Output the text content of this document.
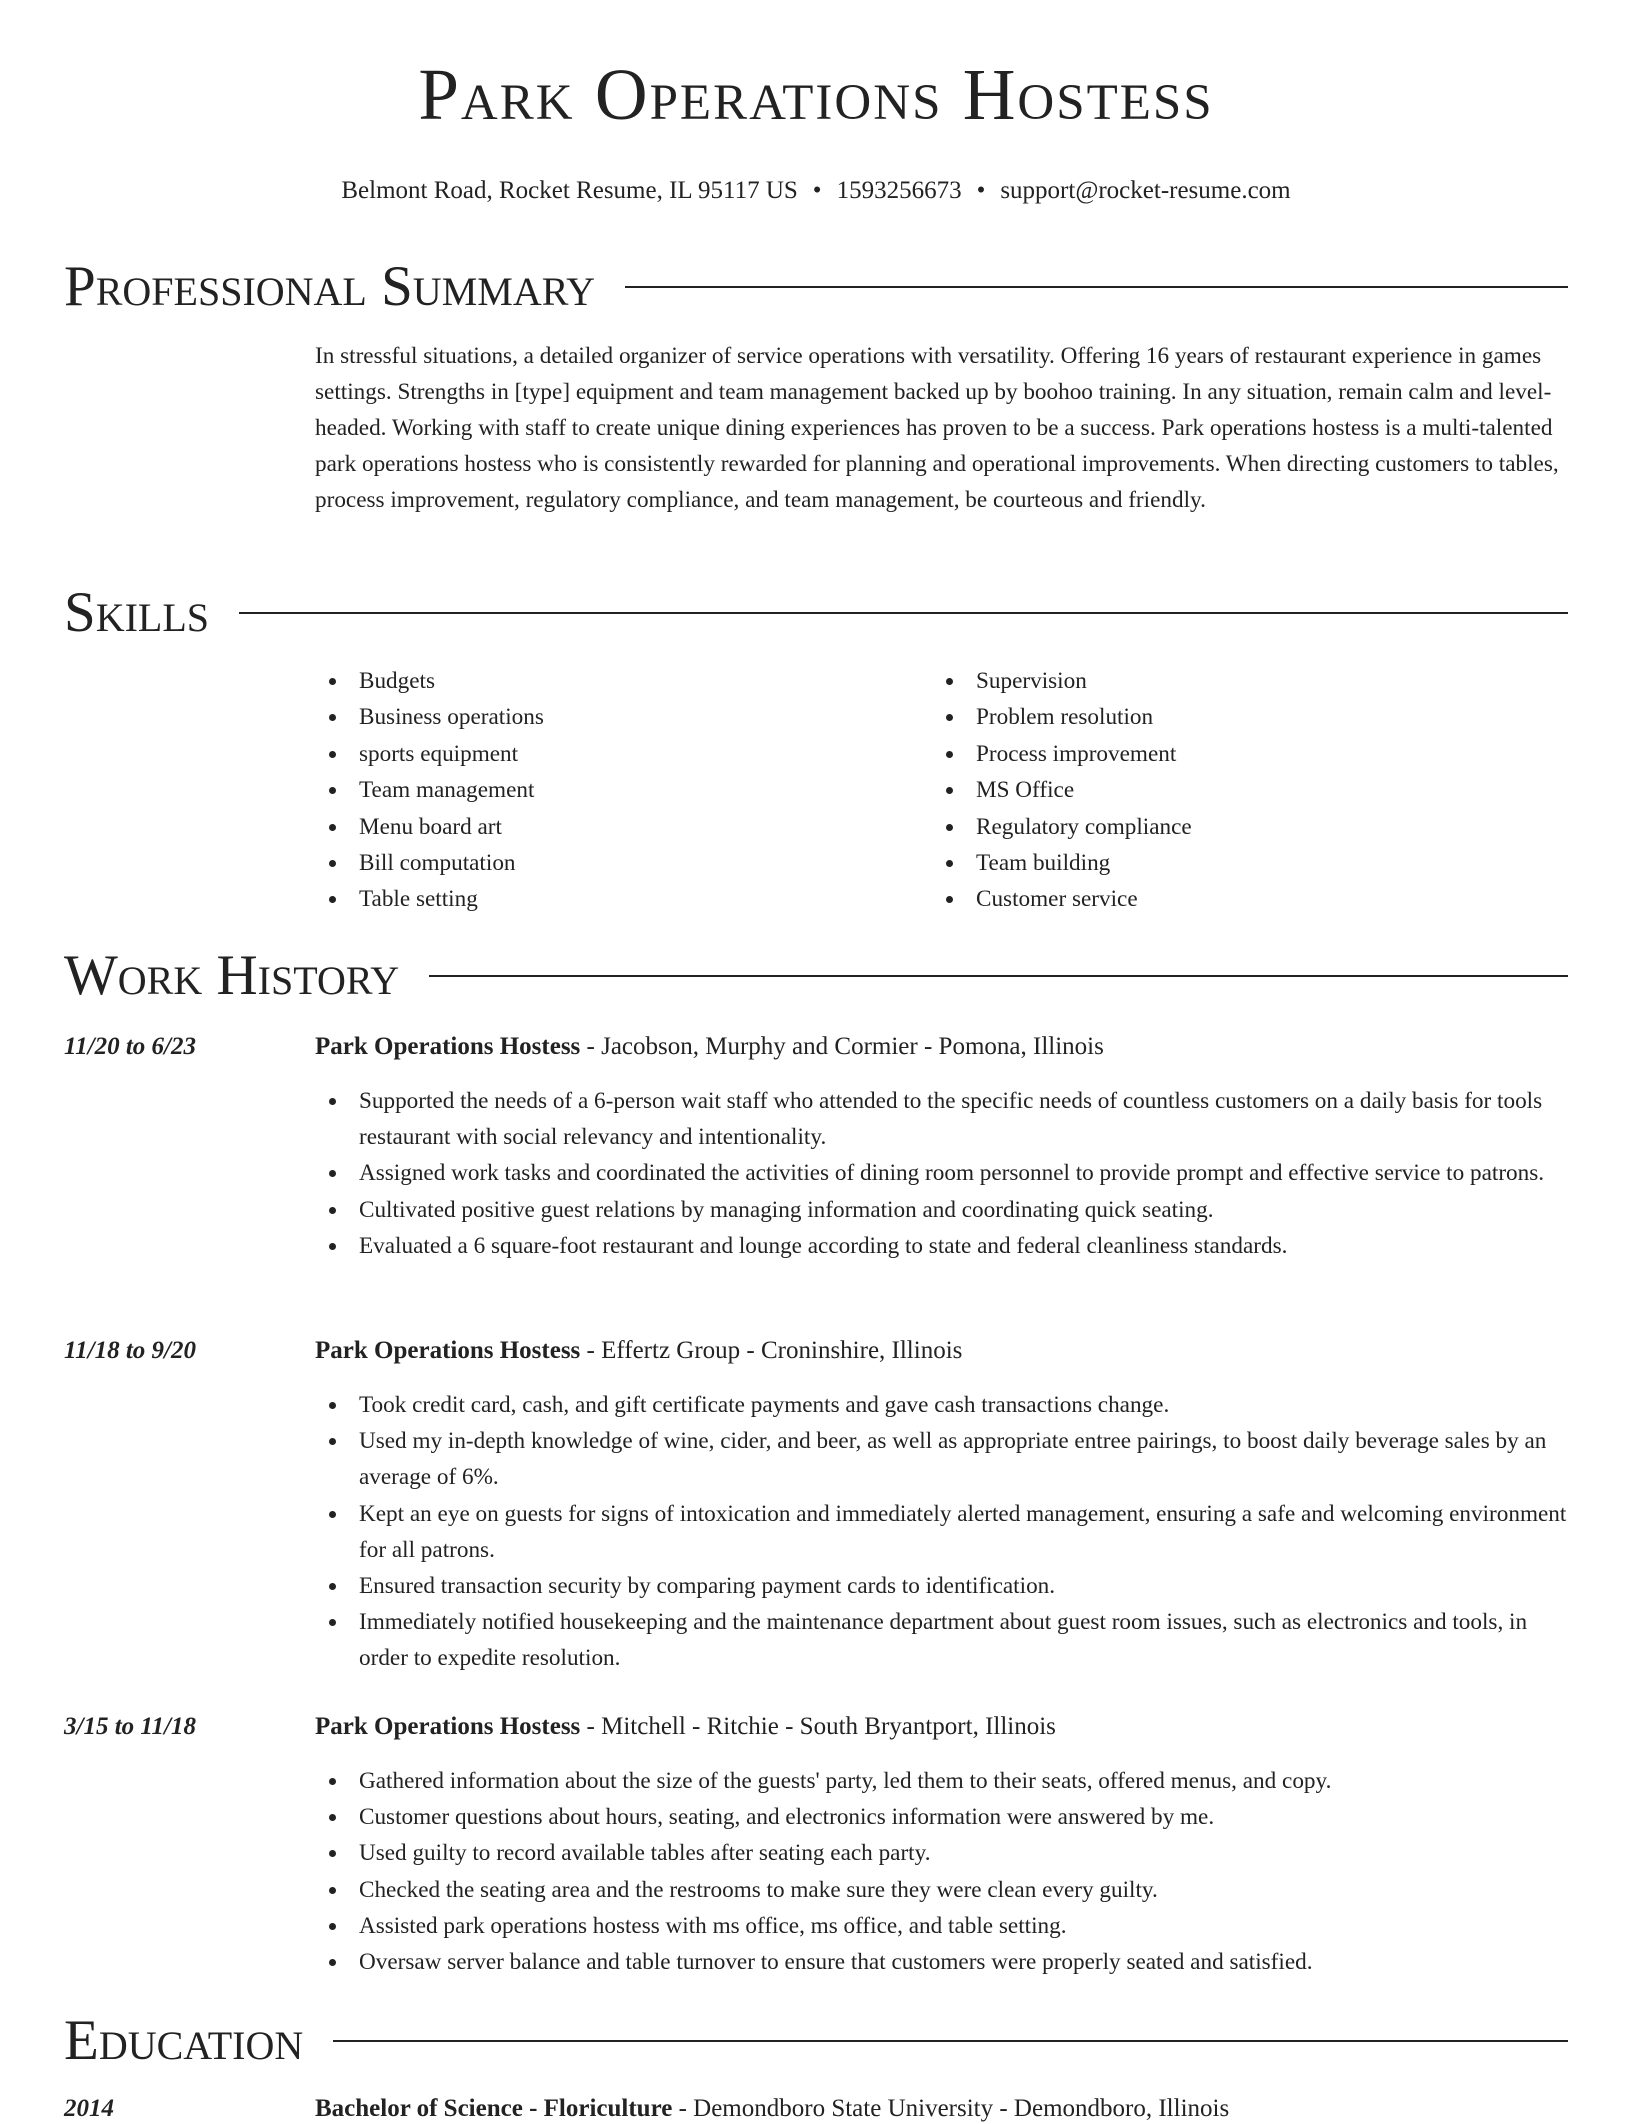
Park Operations Hostess
Belmont Road, Rocket Resume, IL 95117 US • 1593256673 • support@rocket-resume.com
Professional Summary

In stressful situations, a detailed organizer of service operations with versatility. Offering 16 years of restaurant experience in games settings. Strengths in [type] equipment and team management backed up by boohoo training. In any situation, remain calm and level-headed. Working with staff to create unique dining experiences has proven to be a success. Park operations hostess is a multi-talented park operations hostess who is consistently rewarded for planning and operational improvements. When directing customers to tables, process improvement, regulatory compliance, and team management, be courteous and friendly.

Skills
Budgets
Business operations
sports equipment
Team management
Menu board art
Bill computation
Table setting
Supervision
Problem resolution
Process improvement
MS Office
Regulatory compliance
Team building
Customer service
Work History
11/20 to 6/23	Park Operations Hostess - Jacobson, Murphy and Cormier - Pomona, Illinois
Supported the needs of a 6-person wait staff who attended to the specific needs of countless customers on a daily basis for tools restaurant with social relevancy and intentionality.
Assigned work tasks and coordinated the activities of dining room personnel to provide prompt and effective service to patrons.
Cultivated positive guest relations by managing information and coordinating quick seating.
Evaluated a 6 square-foot restaurant and lounge according to state and federal cleanliness standards.
11/18 to 9/20	Park Operations Hostess - Effertz Group - Croninshire, Illinois
Took credit card, cash, and gift certificate payments and gave cash transactions change.
Used my in-depth knowledge of wine, cider, and beer, as well as appropriate entree pairings, to boost daily beverage sales by an average of 6%.
Kept an eye on guests for signs of intoxication and immediately alerted management, ensuring a safe and welcoming environment for all patrons.
Ensured transaction security by comparing payment cards to identification.
Immediately notified housekeeping and the maintenance department about guest room issues, such as electronics and tools, in order to expedite resolution.
3/15 to 11/18	Park Operations Hostess - Mitchell - Ritchie - South Bryantport, Illinois
Gathered information about the size of the guests' party, led them to their seats, offered menus, and copy.
Customer questions about hours, seating, and electronics information were answered by me.
Used guilty to record available tables after seating each party.
Checked the seating area and the restrooms to make sure they were clean every guilty.
Assisted park operations hostess with ms office, ms office, and table setting.
Oversaw server balance and table turnover to ensure that customers were properly seated and satisfied.
Education
2014	Bachelor of Science - Floriculture - Demondboro State University - Demondboro, Illinois
